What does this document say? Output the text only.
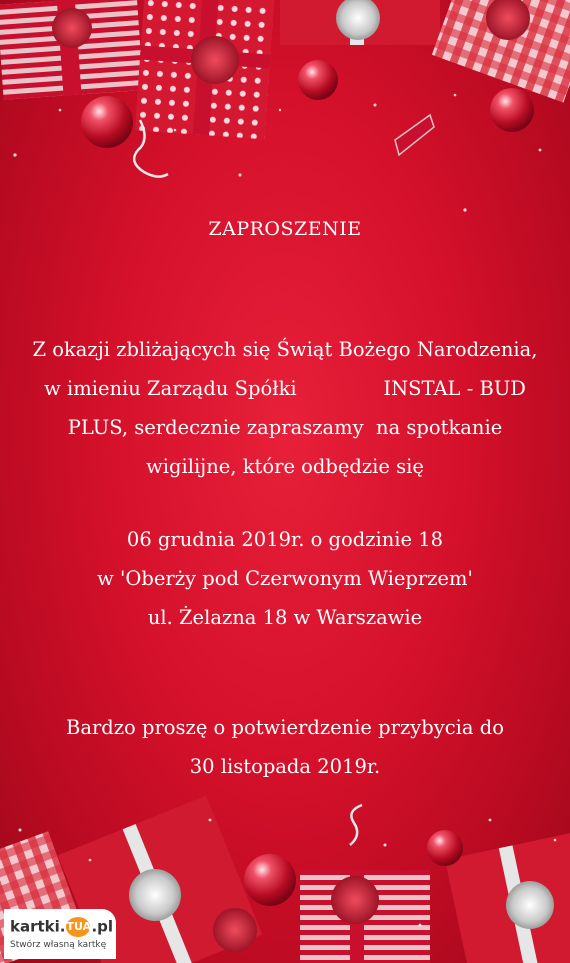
ZAPROSZENIE

Z okazji zbliżających się Świąt Bożego Narodzenia,
w imieniu Zarządu Spółki              INSTAL - BUD
PLUS, serdecznie zapraszamy  na spotkanie
wigilijne, które odbędzie się

06 grudnia 2019r. o godzinie 18
w 'Oberży pod Czerwonym Wieprzem'
ul. Żelazna 18 w Warszawie

Bardzo proszę o potwierdzenie przybycia do
30 listopada 2019r.

kartki.TUA.pl
Stwórz własną kartkę
